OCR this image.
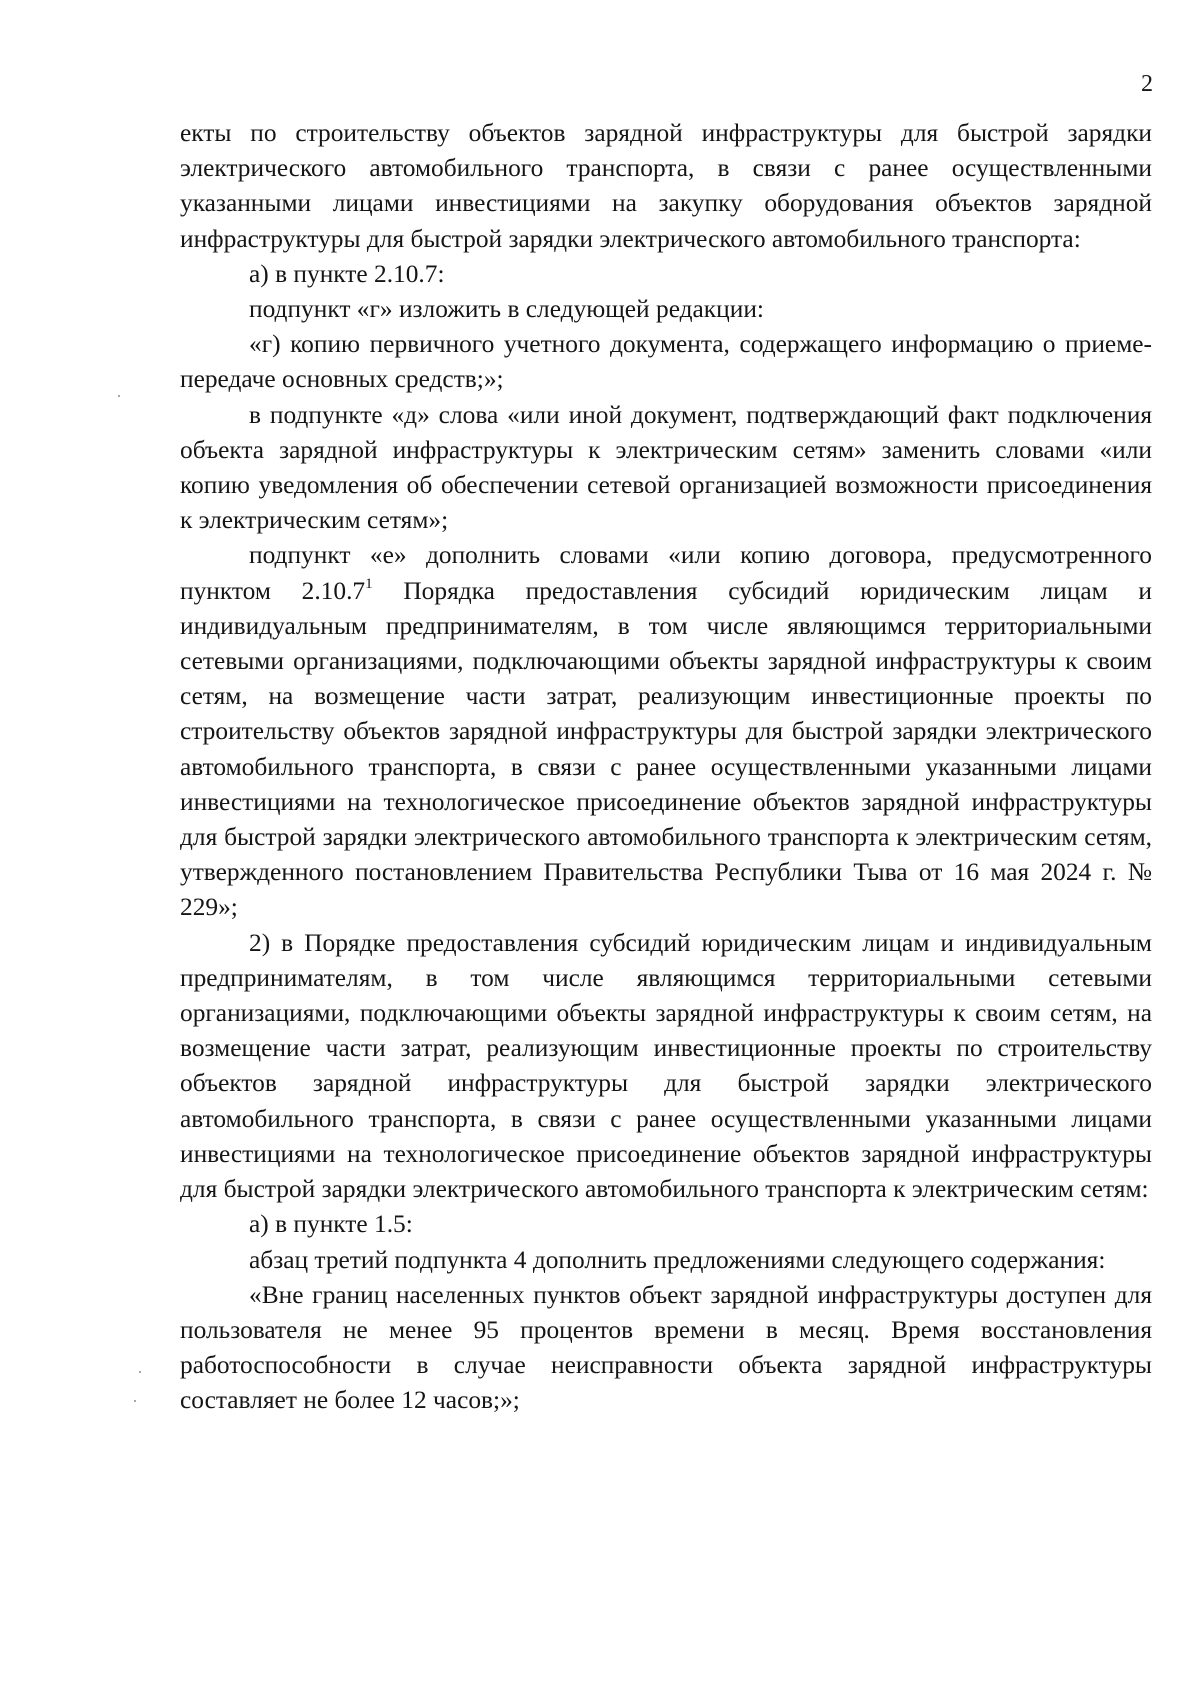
2

екты по строительству объектов зарядной инфраструктуры для быстрой зарядки электрического автомобильного транспорта, в связи с ранее осуществленными указанными лицами инвестициями на закупку оборудования объектов зарядной инфраструктуры для быстрой зарядки электрического автомобильного транспорта:

а) в пункте 2.10.7:

подпункт «г» изложить в следующей редакции:

«г) копию первичного учетного документа, содержащего информацию о приеме-передаче основных средств;»;

в подпункте «д» слова «или иной документ, подтверждающий факт подключения объекта зарядной инфраструктуры к электрическим сетям» заменить словами «или копию уведомления об обеспечении сетевой организацией возможности присоединения к электрическим сетям»;

подпункт «е» дополнить словами «или копию договора, предусмотренного пунктом 2.10.7$^1$ Порядка предоставления субсидий юридическим лицам и индивидуальным предпринимателям, в том числе являющимся территориальными сетевыми организациями, подключающими объекты зарядной инфраструктуры к своим сетям, на возмещение части затрат, реализующим инвестиционные проекты по строительству объектов зарядной инфраструктуры для быстрой зарядки электрического автомобильного транспорта, в связи с ранее осуществленными указанными лицами инвестициями на технологическое присоединение объектов зарядной инфраструктуры для быстрой зарядки электрического автомобильного транспорта к электрическим сетям, утвержденного постановлением Правительства Республики Тыва от 16 мая 2024 г. № 229»;

2) в Порядке предоставления субсидий юридическим лицам и индивидуальным предпринимателям, в том числе являющимся территориальными сетевыми организациями, подключающими объекты зарядной инфраструктуры к своим сетям, на возмещение части затрат, реализующим инвестиционные проекты по строительству объектов зарядной инфраструктуры для быстрой зарядки электрического автомобильного транспорта, в связи с ранее осуществленными указанными лицами инвестициями на технологическое присоединение объектов зарядной инфраструктуры для быстрой зарядки электрического автомобильного транспорта к электрическим сетям:

а) в пункте 1.5:

абзац третий подпункта 4 дополнить предложениями следующего содержания:

«Вне границ населенных пунктов объект зарядной инфраструктуры доступен для пользователя не менее 95 процентов времени в месяц. Время восстановления работоспособности в случае неисправности объекта зарядной инфраструктуры составляет не более 12 часов;»;
